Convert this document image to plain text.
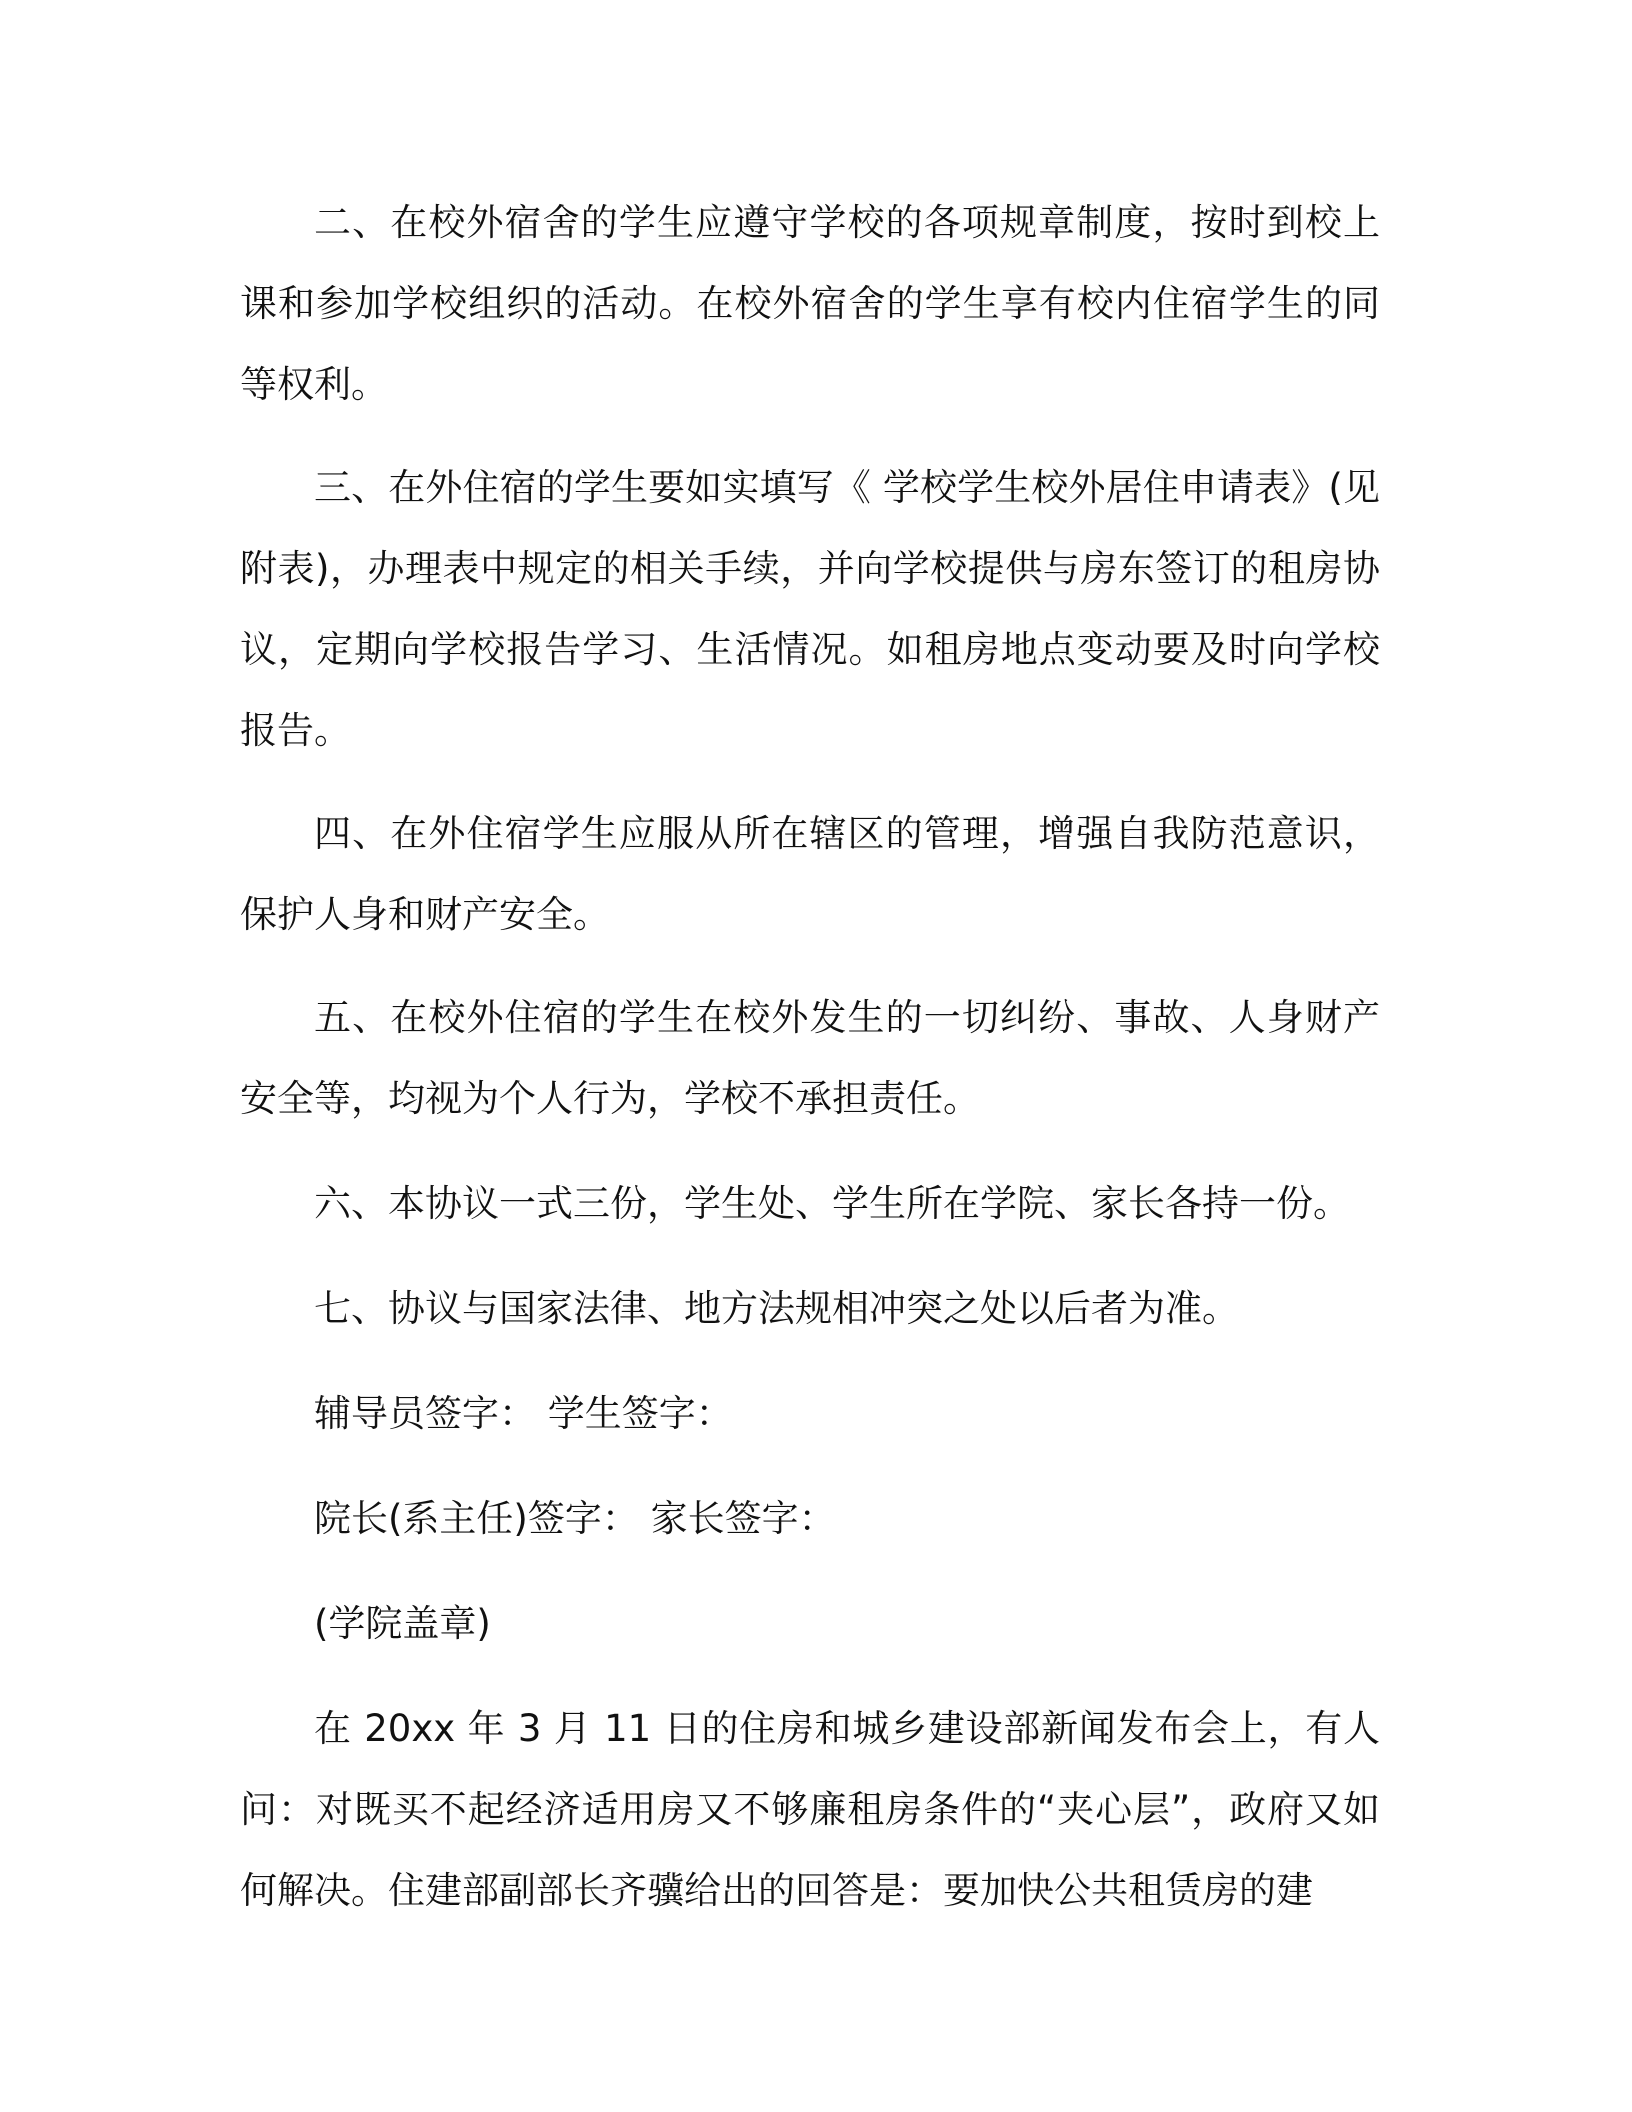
二、在校外宿舍的学生应遵守学校的各项规章制度，按时到校上课和参加学校组织的活动。在校外宿舍的学生享有校内住宿学生的同等权利。

三、在外住宿的学生要如实填写《 学校学生校外居住申请表》(见附表)，办理表中规定的相关手续，并向学校提供与房东签订的租房协议，定期向学校报告学习、生活情况。如租房地点变动要及时向学校报告。

四、在外住宿学生应服从所在辖区的管理，增强自我防范意识，保护人身和财产安全。

五、在校外住宿的学生在校外发生的一切纠纷、事故、人身财产安全等，均视为个人行为，学校不承担责任。

六、本协议一式三份，学生处、学生所在学院、家长各持一份。

七、协议与国家法律、地方法规相冲突之处以后者为准。

辅导员签字： 学生签字：

院长(系主任)签字： 家长签字：

(学院盖章)

在 20xx 年 3 月 11 日的住房和城乡建设部新闻发布会上，有人问：对既买不起经济适用房又不够廉租房条件的“夹心层”，政府又如何解决。住建部副部长齐骥给出的回答是：要加快公共租赁房的建
